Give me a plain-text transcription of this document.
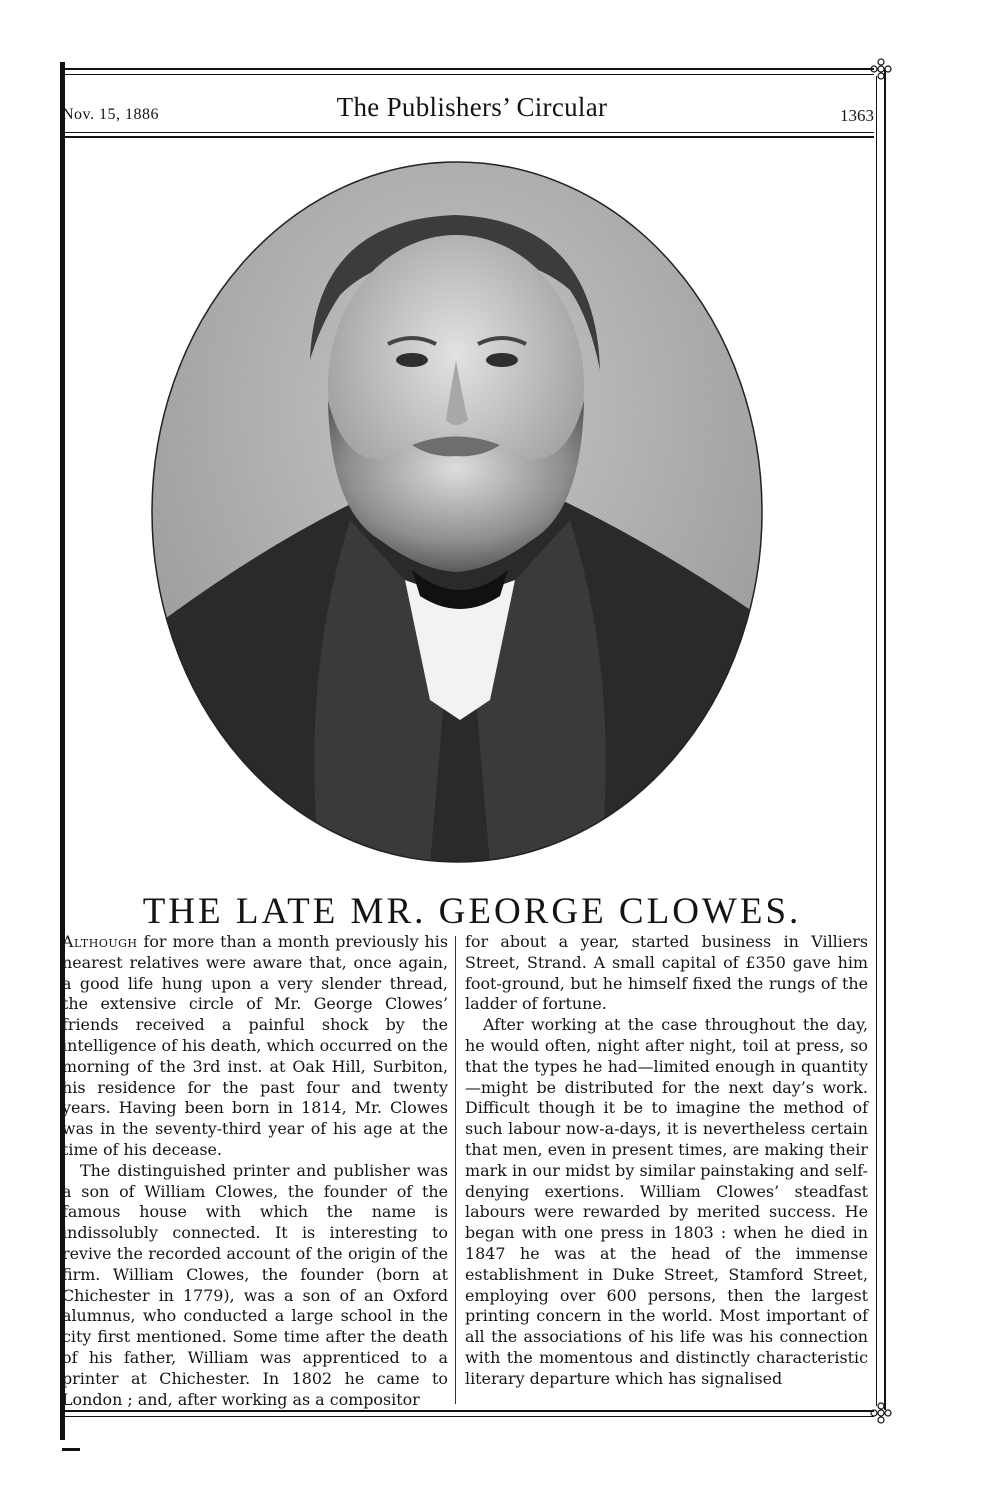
Nov. 15, 1886	The Publishers’ Circular	1363
THE LATE MR. GEORGE CLOWES.

Although for more than a month previously his nearest relatives were aware that, once again, a good life hung upon a very slender thread, the extensive circle of Mr. George Clowes’ friends received a painful shock by the intelligence of his death, which occurred on the morning of the 3rd inst. at Oak Hill, Surbiton, his residence for the past four and twenty years. Having been born in 1814, Mr. Clowes was in the seventy-third year of his age at the time of his decease.

The distinguished printer and publisher was a son of William Clowes, the founder of the famous house with which the name is indissolubly connected. It is interesting to revive the recorded account of the origin of the firm. William Clowes, the founder (born at Chichester in 1779), was a son of an Oxford alumnus, who conducted a large school in the city first mentioned. Some time after the death of his father, William was apprenticed to a printer at Chichester. In 1802 he came to London ; and, after working as a compositor

for about a year, started business in Villiers Street, Strand. A small capital of £350 gave him foot-ground, but he himself fixed the rungs of the ladder of fortune.

After working at the case throughout the day, he would often, night after night, toil at press, so that the types he had—limited enough in quantity—might be distributed for the next day’s work. Difficult though it be to imagine the method of such labour now-a-days, it is nevertheless certain that men, even in present times, are making their mark in our midst by similar painstaking and self-denying exertions. William Clowes’ steadfast labours were rewarded by merited success. He began with one press in 1803 : when he died in 1847 he was at the head of the immense establishment in Duke Street, Stamford Street, employing over 600 persons, then the largest printing concern in the world. Most important of all the associations of his life was his connection with the momentous and distinctly characteristic literary departure which has signalised
